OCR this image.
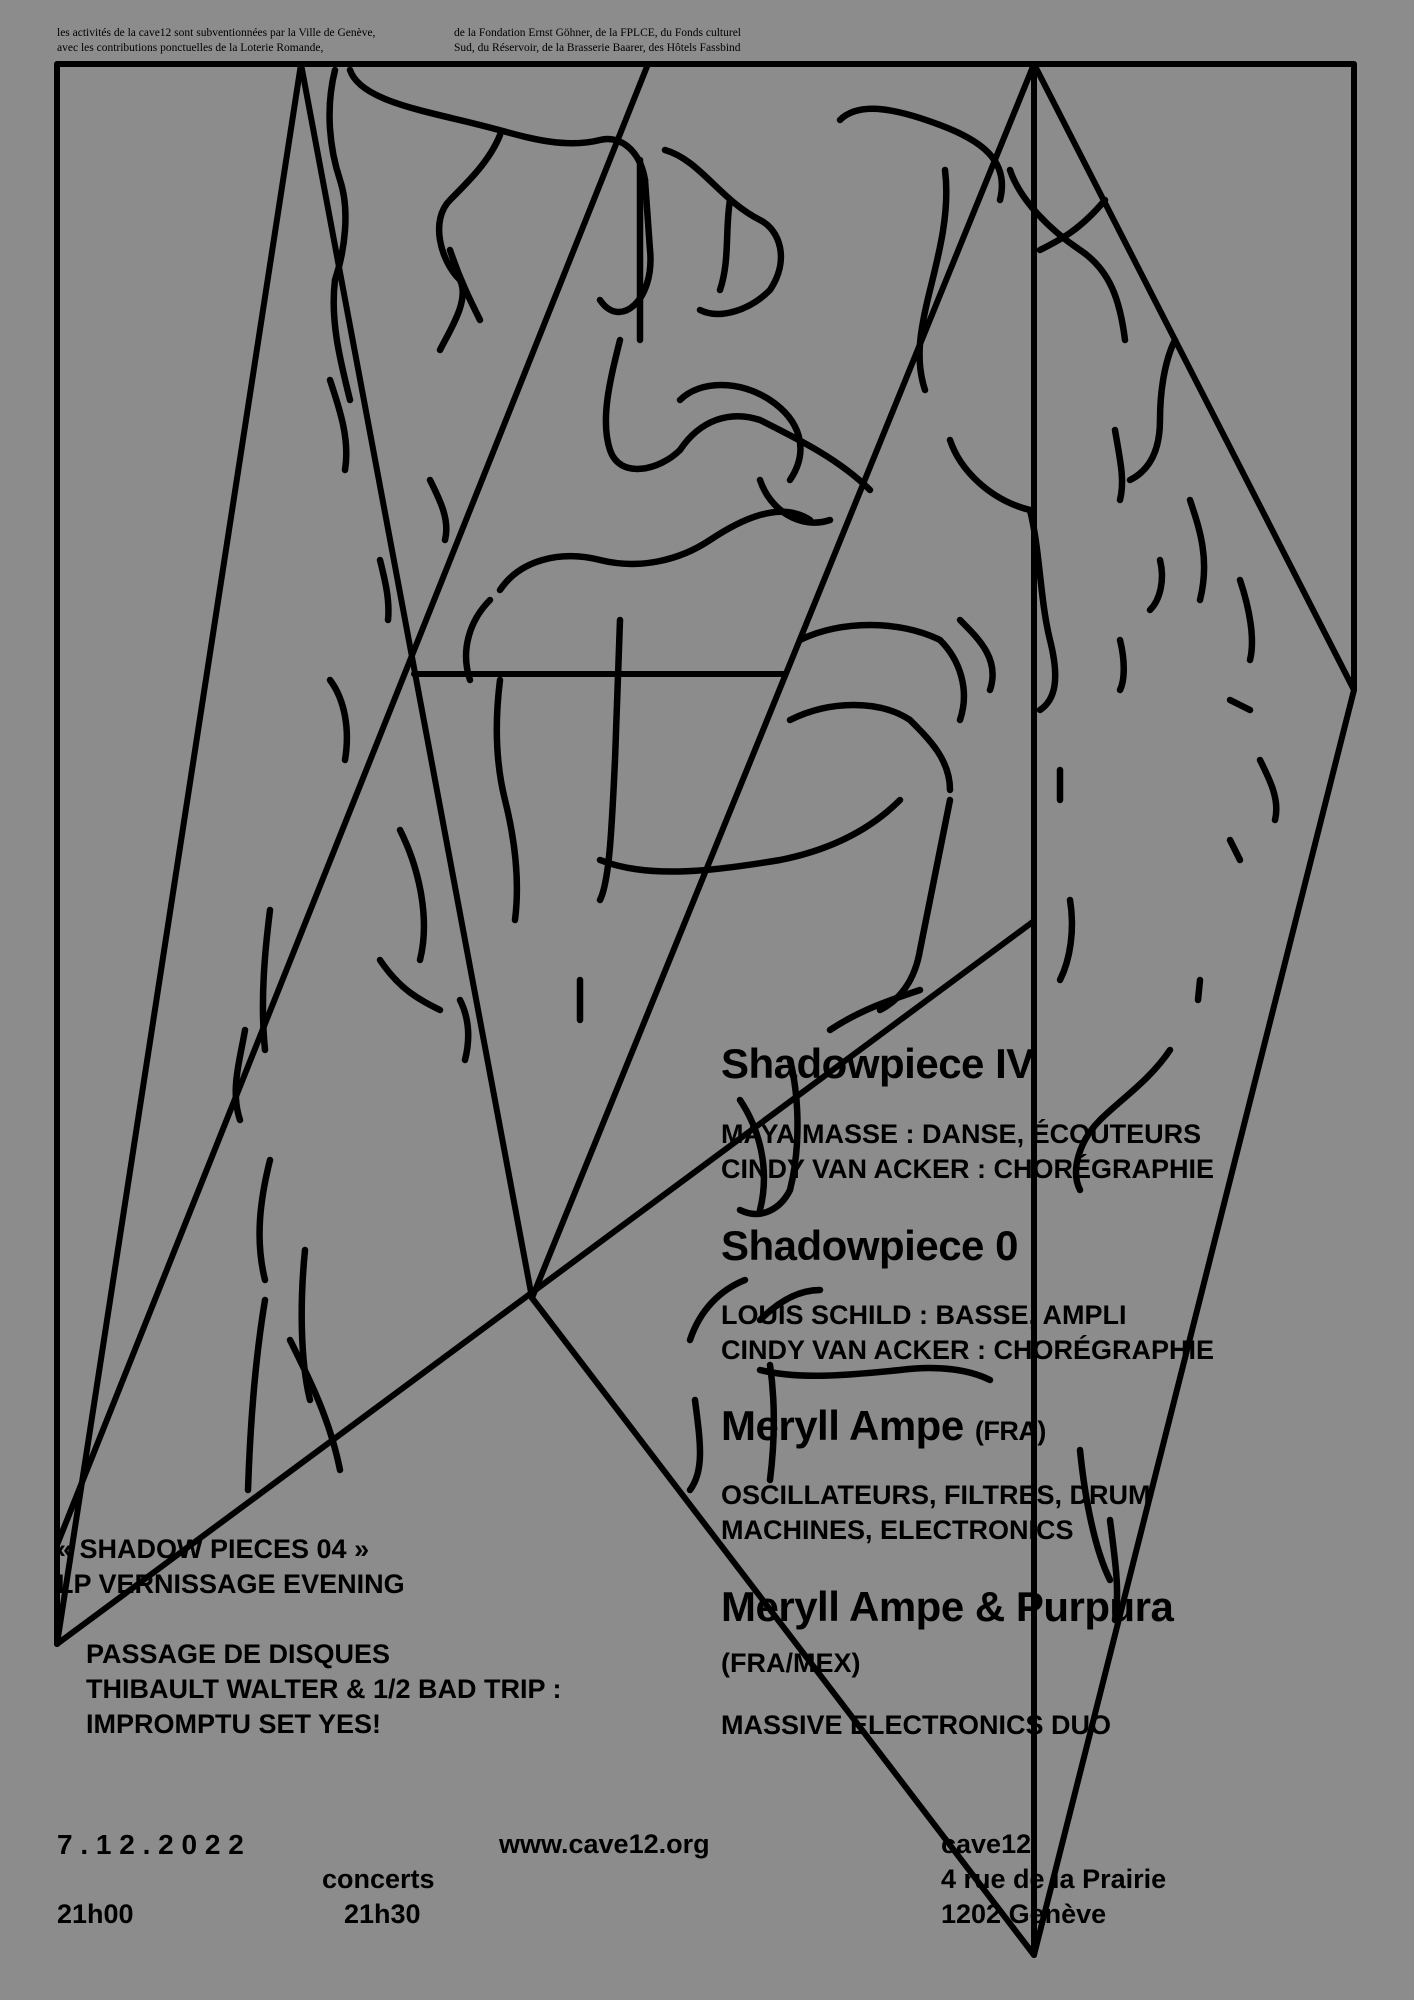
les activités de la cave12 sont subventionnées par la Ville de Genève,
avec les contributions ponctuelles de la Loterie Romande,
de la Fondation Ernst Göhner, de la FPLCE, du Fonds culturel
Sud, du Réservoir, de la Brasserie Baarer, des Hôtels Fassbind
Shadowpiece IV
MAYA MASSE : DANSE, ÉCOUTEURS
CINDY VAN ACKER : CHORÉGRAPHIE
Shadowpiece 0
LOUIS SCHILD : BASSE, AMPLI
CINDY VAN ACKER : CHORÉGRAPHIE
Meryll Ampe (FRA)
OSCILLATEURS, FILTRES, DRUM
MACHINES, ELECTRONICS
Meryll Ampe & Purpura
(FRA/MEX)
MASSIVE ELECTRONICS DUO
« SHADOW PIECES 04 »
LP VERNISSAGE EVENING
PASSAGE DE DISQUES
THIBAULT WALTER & 1/2 BAD TRIP :
IMPROMPTU SET YES!
7 . 1 2 . 2 0 2 2
21h00
concerts
21h30
www.cave12.org	cave12
4 rue de la Prairie
1202 Genève
